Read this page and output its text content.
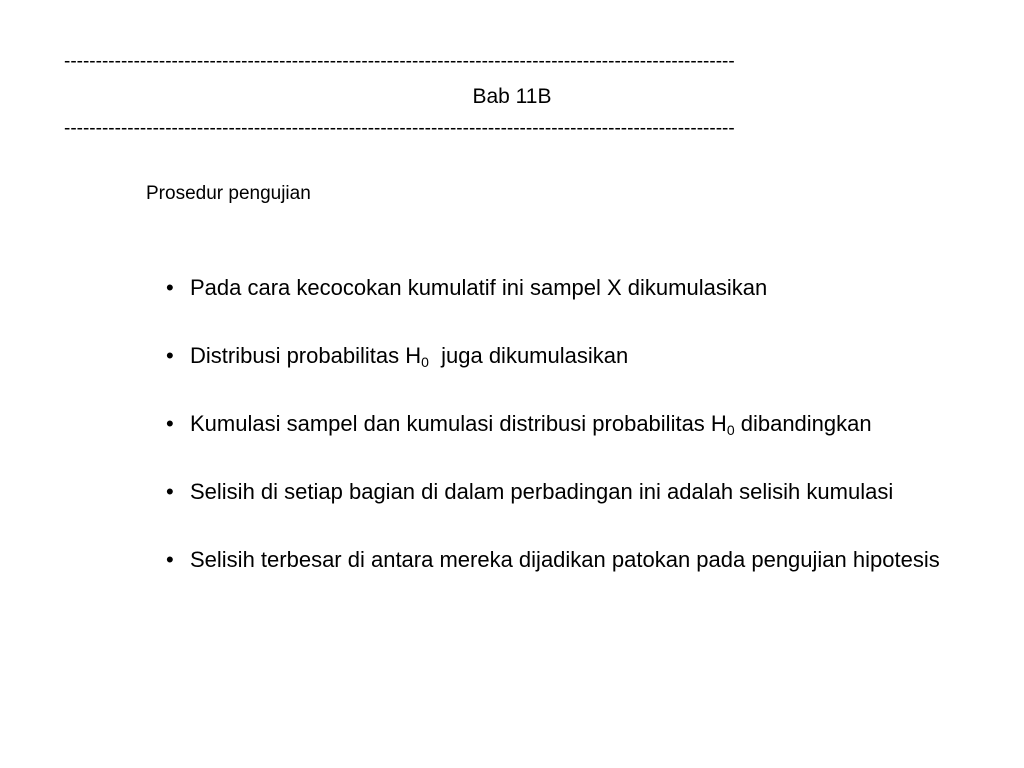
----------------------------------------------------------------------------------------------------------
Bab 11B
----------------------------------------------------------------------------------------------------------
Prosedur pengujian
• Pada cara kecocokan kumulatif ini sampel X dikumulasikan
• Distribusi probabilitas $H_0$  juga dikumulasikan
• Kumulasi sampel dan kumulasi distribusi probabilitas $H_0$ dibandingkan
• Selisih di setiap bagian di dalam perbadingan ini adalah selisih kumulasi
• Selisih terbesar di antara mereka dijadikan patokan pada pengujian hipotesis
